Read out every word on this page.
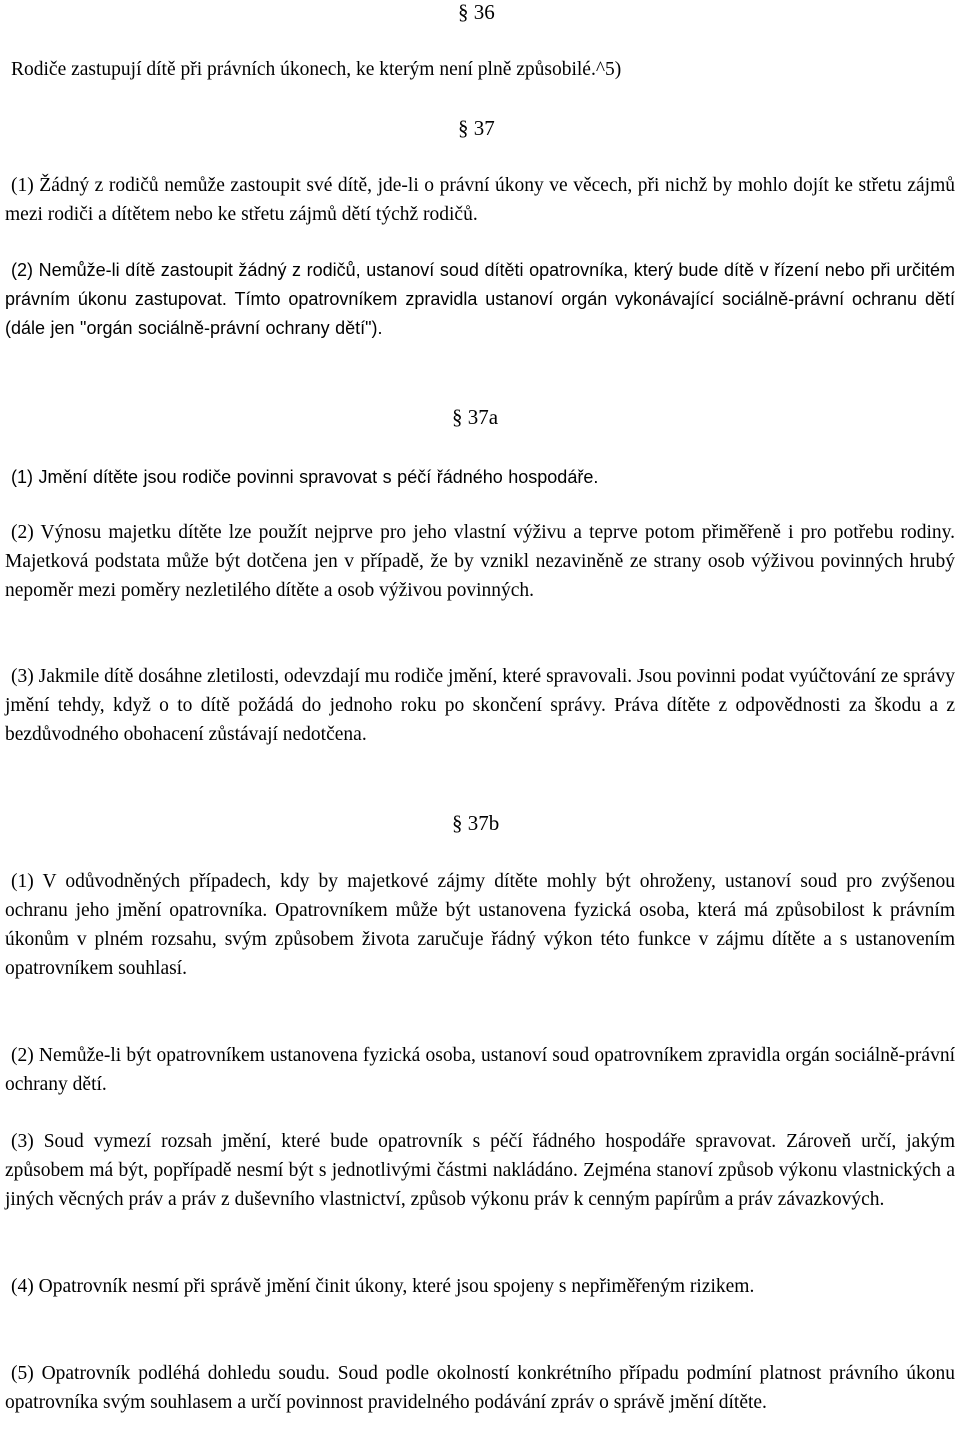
§ 36

Rodiče zastupují dítě při právních úkonech, ke kterým není plně způsobilé.^5)

§ 37

(1) Žádný z rodičů nemůže zastoupit své dítě, jde-li o právní úkony ve věcech, při nichž by mohlo dojít ke střetu zájmů mezi rodiči a dítětem nebo ke střetu zájmů dětí týchž rodičů.

(2) Nemůže-li dítě zastoupit žádný z rodičů, ustanoví soud dítěti opatrovníka, který bude dítě v řízení nebo při určitém právním úkonu zastupovat. Tímto opatrovníkem zpravidla ustanoví orgán vykonávající sociálně-právní ochranu dětí (dále jen "orgán sociálně-právní ochrany dětí").

§ 37a

(1) Jmění dítěte jsou rodiče povinni spravovat s péčí řádného hospodáře.

(2) Výnosu majetku dítěte lze použít nejprve pro jeho vlastní výživu a teprve potom přiměřeně i pro potřebu rodiny. Majetková podstata může být dotčena jen v případě, že by vznikl nezaviněně ze strany osob výživou povinných hrubý nepoměr mezi poměry nezletilého dítěte a osob výživou povinných.

(3) Jakmile dítě dosáhne zletilosti, odevzdají mu rodiče jmění, které spravovali. Jsou povinni podat vyúčtování ze správy jmění tehdy, když o to dítě požádá do jednoho roku po skončení správy. Práva dítěte z odpovědnosti za škodu a z bezdůvodného obohacení zůstávají nedotčena.

§ 37b

(1) V odůvodněných případech, kdy by majetkové zájmy dítěte mohly být ohroženy, ustanoví soud pro zvýšenou ochranu jeho jmění opatrovníka. Opatrovníkem může být ustanovena fyzická osoba, která má způsobilost k právním úkonům v plném rozsahu, svým způsobem života zaručuje řádný výkon této funkce v zájmu dítěte a s ustanovením opatrovníkem souhlasí.

(2) Nemůže-li být opatrovníkem ustanovena fyzická osoba, ustanoví soud opatrovníkem zpravidla orgán sociálně-právní ochrany dětí.

(3) Soud vymezí rozsah jmění, které bude opatrovník s péčí řádného hospodáře spravovat. Zároveň určí, jakým způsobem má být, popřípadě nesmí být s jednotlivými částmi nakládáno. Zejména stanoví způsob výkonu vlastnických a jiných věcných práv a práv z duševního vlastnictví, způsob výkonu práv k cenným papírům a práv závazkových.

(4) Opatrovník nesmí při správě jmění činit úkony, které jsou spojeny s nepřiměřeným rizikem.

(5) Opatrovník podléhá dohledu soudu. Soud podle okolností konkrétního případu podmíní platnost právního úkonu opatrovníka svým souhlasem a určí povinnost pravidelného podávání zpráv o správě jmění dítěte.
